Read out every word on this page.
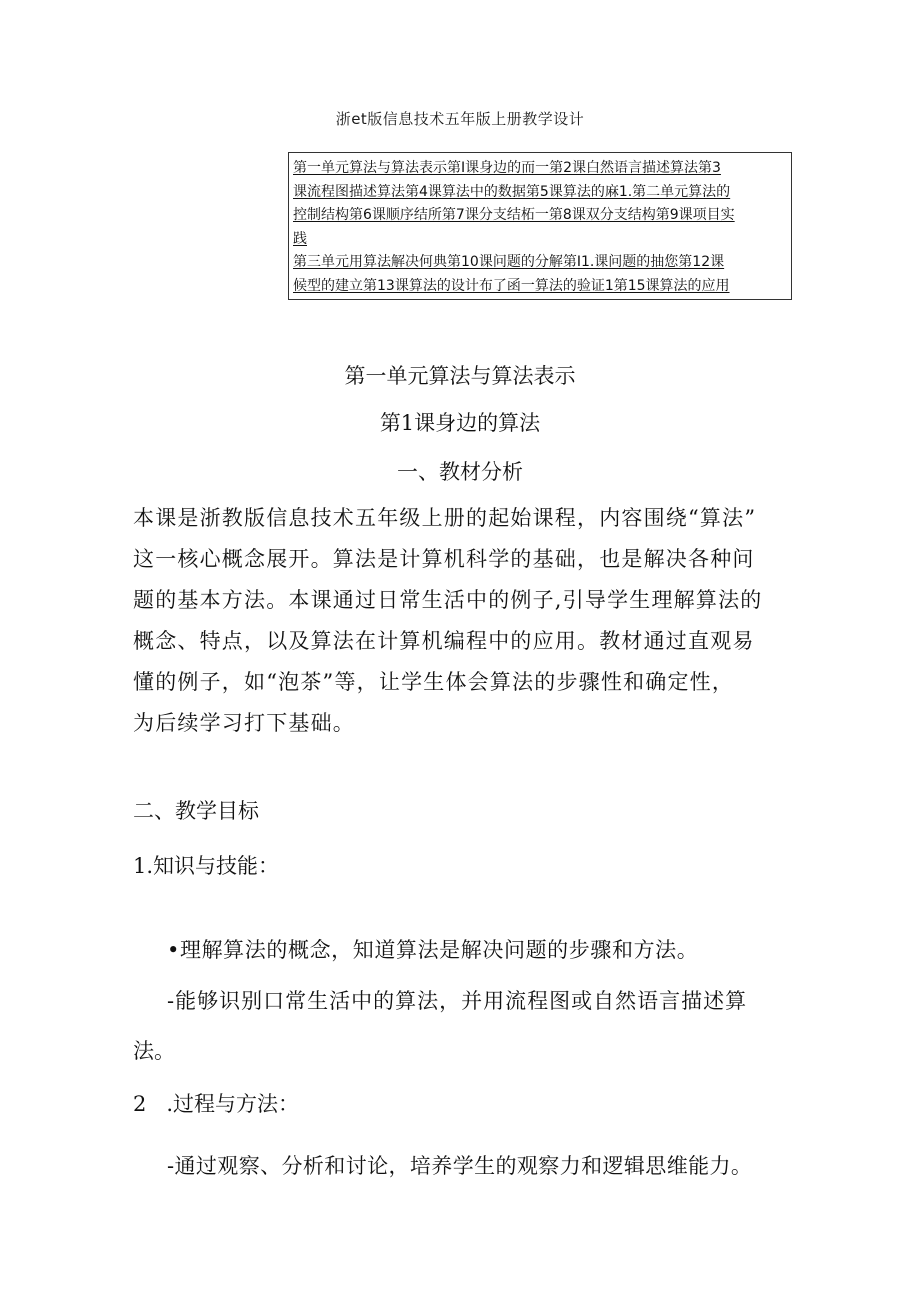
浙et版信息技术五年版上册教学设计
第一单元算法与算法表示第I课身边的而一第2课白然语言描述算法第3
课流程图描述算法第4课算法中的数据第5课算法的麻1.第二单元算法的
控制结构第6课顺序结所第7课分支结柘一第8课双分支结构第9课项目实
践
第三单元用算法解决何典第10课问题的分解第I1.课问题的抽您第12课
候型的建立第13课算法的设计布了函一算法的验证1第15课算法的应用
第一单元算法与算法表示
第1课身边的算法
一、教材分析
本课是浙教版信息技术五年级上册的起始课程，内容围绕“算法”
这一核心概念展开。算法是计算机科学的基础，也是解决各种问
题的基本方法。本课通过日常生活中的例子,引导学生理解算法的
概念、特点，以及算法在计算机编程中的应用。教材通过直观易
懂的例子，如“泡茶”等，让学生体会算法的步骤性和确定性，
为后续学习打下基础。
二、教学目标
1.知识与技能：
•理解算法的概念，知道算法是解决问题的步骤和方法。
-能够识别口常生活中的算法，并用流程图或自然语言描述算
法。
2   .过程与方法：
-通过观察、分析和讨论，培养学生的观察力和逻辑思维能力。
